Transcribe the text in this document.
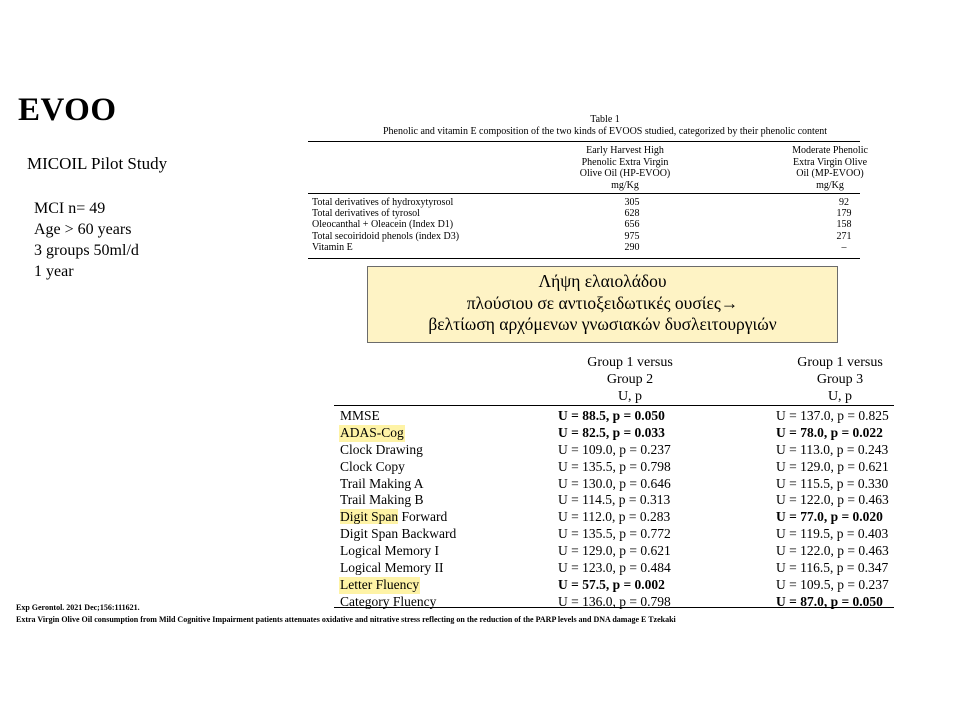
EVOO
MICOIL Pilot Study
MCI n= 49
Age > 60 years
3 groups 50ml/d
1 year
Table 1
Phenolic and vitamin E composition of the two kinds of EVOOS studied, categorized by their phenolic content
Early Harvest High
Phenolic Extra Virgin
Olive Oil (HP-EVOO)
mg/Kg
Moderate Phenolic
Extra Virgin Olive
Oil (MP-EVOO)
mg/Kg
Total derivatives of hydroxytyrosol	305	92
Total derivatives of tyrosol	628	179
Oleocanthal + Oleacein (Index D1)	656	158
Total secoiridoid phenols (index D3)	975	271
Vitamin E	290	–
Λήψη ελαιολάδου
πλούσιου σε αντιοξειδωτικές ουσίες→
βελτίωση αρχόμενων γνωσιακών δυσλειτουργιών
Group 1 versus
Group 2
U, p
Group 1 versus
Group 3
U, p
MMSE	U = 88.5, p = 0.050	U = 137.0, p = 0.825
ADAS-Cog	U = 82.5, p = 0.033	U = 78.0, p = 0.022
Clock Drawing	U = 109.0, p = 0.237	U = 113.0, p = 0.243
Clock Copy	U = 135.5, p = 0.798	U = 129.0, p = 0.621
Trail Making A	U = 130.0, p = 0.646	U = 115.5, p = 0.330
Trail Making B	U = 114.5, p = 0.313	U = 122.0, p = 0.463
Digit Span Forward	U = 112.0, p = 0.283	U = 77.0, p = 0.020
Digit Span Backward	U = 135.5, p = 0.772	U = 119.5, p = 0.403
Logical Memory I	U = 129.0, p = 0.621	U = 122.0, p = 0.463
Logical Memory II	U = 123.0, p = 0.484	U = 116.5, p = 0.347
Letter Fluency	U = 57.5, p = 0.002	U = 109.5, p = 0.237
Category Fluency	U = 136.0, p = 0.798	U = 87.0, p = 0.050
Exp Gerontol. 2021 Dec;156:111621.
Extra Virgin Olive Oil consumption from Mild Cognitive Impairment patients attenuates oxidative and nitrative stress reflecting on the reduction of the PARP levels and DNA damage E Tzekaki
